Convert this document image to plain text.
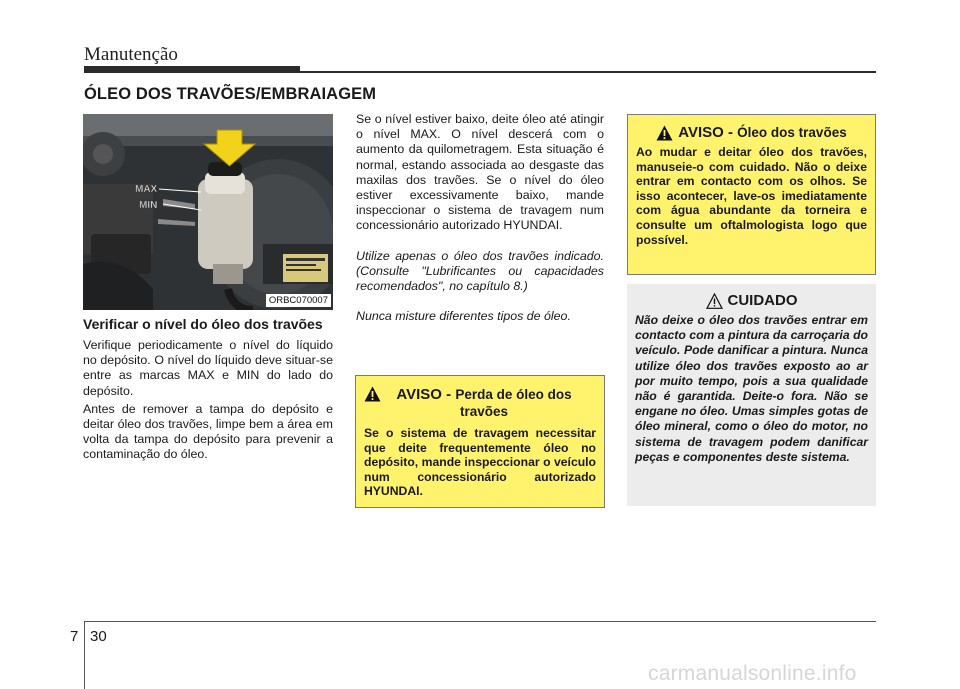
Manutenção
ÓLEO DOS TRAVÕES/EMBRAIAGEM
MAX
MIN
ORBC070007
Verificar o nível do óleo dos travões

Verifique periodicamente o nível do líquido no depósito. O nível do líquido deve situar-se entre as marcas MAX e MIN do lado do depósito.

Antes de remover a tampa do depósito e deitar óleo dos travões, limpe bem a área em volta da tampa do depósito para prevenir a contaminação do óleo.

Se o nível estiver baixo, deite óleo até atingir o nível MAX. O nível descerá com o aumento da quilometragem. Esta situação é normal, estando associada ao desgaste das maxilas dos travões. Se o nível do óleo estiver excessivamente baixo, mande inspeccionar o sistema de travagem num concessionário autorizado HYUNDAI.

Utilize apenas o óleo dos travões indicado. (Consulte "Lubrificantes ou capacidades recomendados", no capítulo 8.)

Nunca misture diferentes tipos de óleo.

AVISO - Perda de óleo dos travões

Se o sistema de travagem necessitar que deite frequentemente óleo no depósito, mande inspeccionar o veículo num concessionário autorizado HYUNDAI.

AVISO -
Óleo dos travões

Ao mudar e deitar óleo dos travões, manuseie-o com cuidado. Não o deixe entrar em contacto com os olhos. Se isso acontecer, lave-os imediatamente com água abundante da torneira e consulte um oftalmologista logo que possível.

CUIDADO

Não deixe o óleo dos travões entrar em contacto com a pintura da carroçaria do veículo. Pode danificar a pintura. Nunca utilize óleo dos travões exposto ao ar por muito tempo, pois a sua qualidade não é garantida. Deite-o fora. Não se engane no óleo. Umas simples gotas de óleo mineral, como o óleo do motor, no sistema de travagem podem danificar peças e componentes deste sistema.

7 30
carmanualsonline.info
